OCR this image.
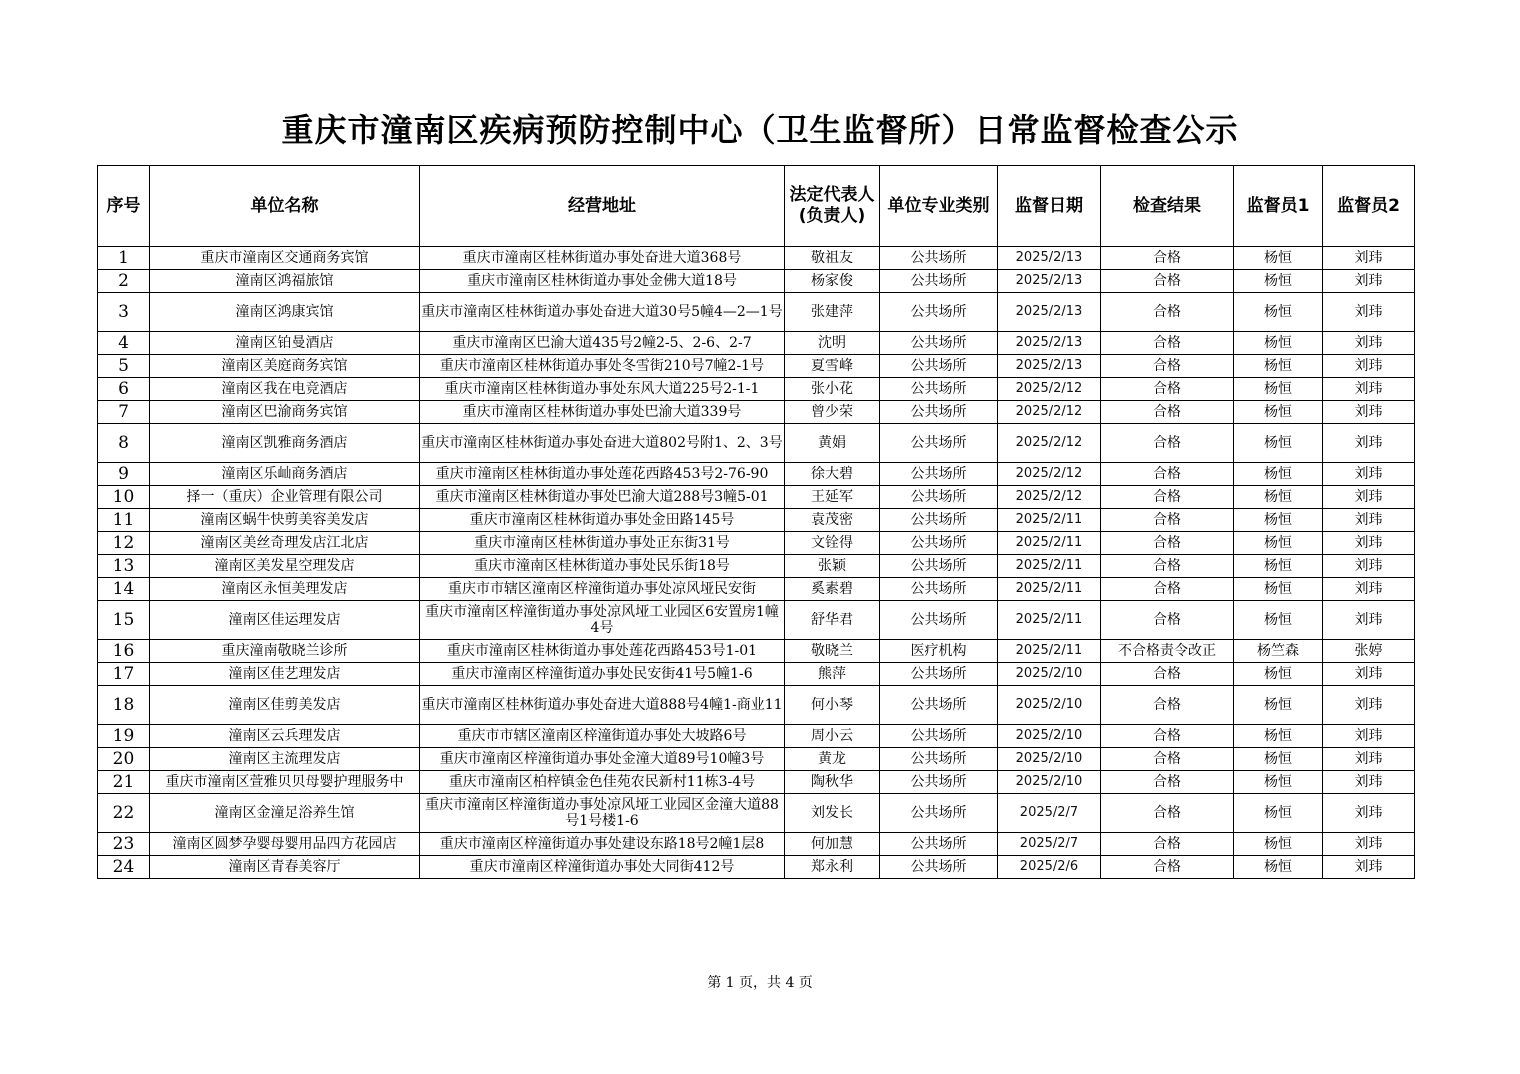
重庆市潼南区疾病预防控制中心（卫生监督所）日常监督检查公示
序号	单位名称	经营地址	法定代表人(负责人)	单位专业类别	监督日期	检查结果	监督员1	监督员2
1	重庆市潼南区交通商务宾馆	重庆市潼南区桂林街道办事处奋进大道368号	敬祖友	公共场所	2025/2/13	合格	杨恒	刘玮
2	潼南区鸿福旅馆	重庆市潼南区桂林街道办事处金佛大道18号	杨家俊	公共场所	2025/2/13	合格	杨恒	刘玮
3	潼南区鸿康宾馆	重庆市潼南区桂林街道办事处奋进大道30号5幢4—2—1号	张建萍	公共场所	2025/2/13	合格	杨恒	刘玮
4	潼南区铂曼酒店	重庆市潼南区巴渝大道435号2幢2-5、2-6、2-7	沈明	公共场所	2025/2/13	合格	杨恒	刘玮
5	潼南区美庭商务宾馆	重庆市潼南区桂林街道办事处冬雪街210号7幢2-1号	夏雪峰	公共场所	2025/2/13	合格	杨恒	刘玮
6	潼南区我在电竞酒店	重庆市潼南区桂林街道办事处东风大道225号2-1-1	张小花	公共场所	2025/2/12	合格	杨恒	刘玮
7	潼南区巴渝商务宾馆	重庆市潼南区桂林街道办事处巴渝大道339号	曾少荣	公共场所	2025/2/12	合格	杨恒	刘玮
8	潼南区凯雅商务酒店	重庆市潼南区桂林街道办事处奋进大道802号附1、2、3号	黄娟	公共场所	2025/2/12	合格	杨恒	刘玮
9	潼南区乐屾商务酒店	重庆市潼南区桂林街道办事处莲花西路453号2-76-90	徐大碧	公共场所	2025/2/12	合格	杨恒	刘玮
10	择一（重庆）企业管理有限公司	重庆市潼南区桂林街道办事处巴渝大道288号3幢5-01	王延军	公共场所	2025/2/12	合格	杨恒	刘玮
11	潼南区蜗牛快剪美容美发店	重庆市潼南区桂林街道办事处金田路145号	袁茂密	公共场所	2025/2/11	合格	杨恒	刘玮
12	潼南区美丝奇理发店江北店	重庆市潼南区桂林街道办事处正东街31号	文铨得	公共场所	2025/2/11	合格	杨恒	刘玮
13	潼南区美发星空理发店	重庆市潼南区桂林街道办事处民乐街18号	张颖	公共场所	2025/2/11	合格	杨恒	刘玮
14	潼南区永恒美理发店	重庆市市辖区潼南区梓潼街道办事处凉风垭民安街	奚素碧	公共场所	2025/2/11	合格	杨恒	刘玮
15	潼南区佳运理发店	重庆市潼南区梓潼街道办事处凉风垭工业园区6安置房1幢4号	舒华君	公共场所	2025/2/11	合格	杨恒	刘玮
16	重庆潼南敬晓兰诊所	重庆市潼南区桂林街道办事处莲花西路453号1-01	敬晓兰	医疗机构	2025/2/11	不合格责令改正	杨竺森	张婷
17	潼南区佳艺理发店	重庆市潼南区梓潼街道办事处民安街41号5幢1-6	熊萍	公共场所	2025/2/10	合格	杨恒	刘玮
18	潼南区佳剪美发店	重庆市潼南区桂林街道办事处奋进大道888号4幢1-商业11	何小琴	公共场所	2025/2/10	合格	杨恒	刘玮
19	潼南区云兵理发店	重庆市市辖区潼南区梓潼街道办事处大坡路6号	周小云	公共场所	2025/2/10	合格	杨恒	刘玮
20	潼南区主流理发店	重庆市潼南区梓潼街道办事处金潼大道89号10幢3号	黄龙	公共场所	2025/2/10	合格	杨恒	刘玮
21	重庆市潼南区萱雅贝贝母婴护理服务中	重庆市潼南区柏梓镇金色佳苑农民新村11栋3-4号	陶秋华	公共场所	2025/2/10	合格	杨恒	刘玮
22	潼南区金潼足浴养生馆	重庆市潼南区梓潼街道办事处凉风垭工业园区金潼大道88号1号楼1-6	刘发长	公共场所	2025/2/7	合格	杨恒	刘玮
23	潼南区圆梦孕婴母婴用品四方花园店	重庆市潼南区梓潼街道办事处建设东路18号2幢1层8	何加慧	公共场所	2025/2/7	合格	杨恒	刘玮
24	潼南区青春美容厅	重庆市潼南区梓潼街道办事处大同街412号	郑永利	公共场所	2025/2/6	合格	杨恒	刘玮
第 1 页，共 4 页
